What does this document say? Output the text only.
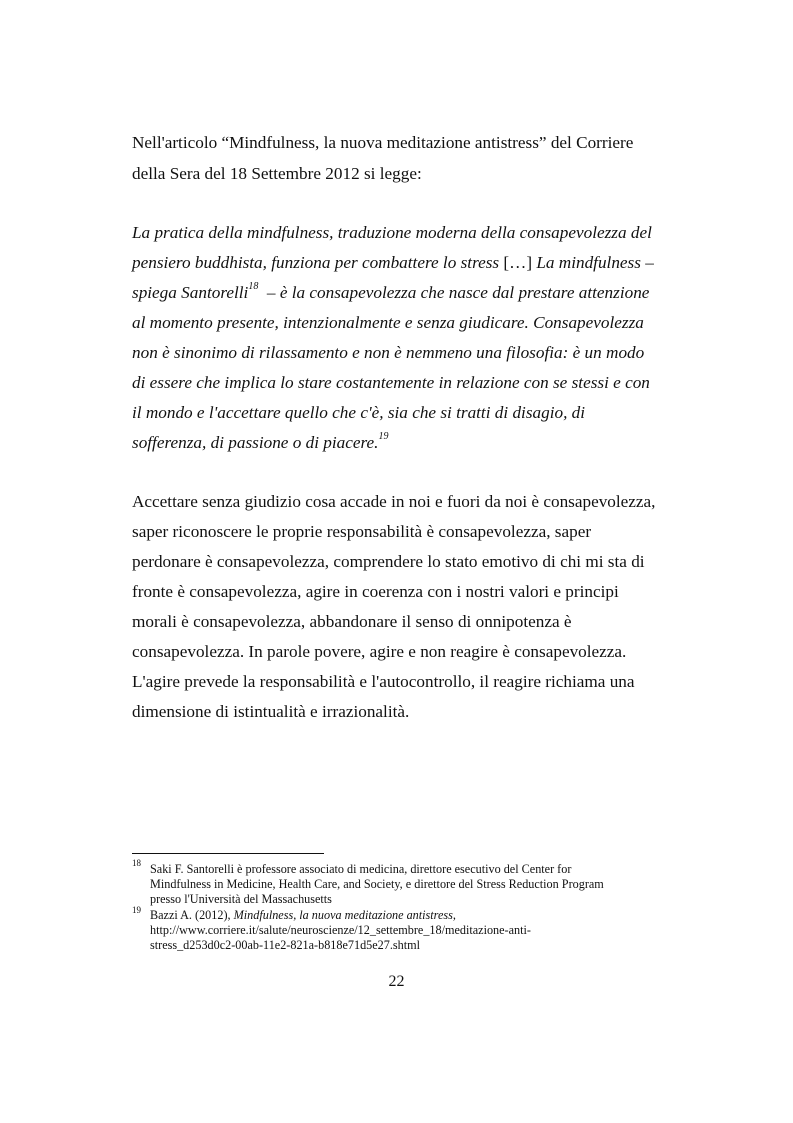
Nell'articolo “Mindfulness, la nuova meditazione antistress” del Corriere
della Sera del 18 Settembre 2012 si legge:
La pratica della mindfulness, traduzione moderna della consapevolezza del
pensiero buddhista, funziona per combattere lo stress […] La mindfulness –
spiega Santorelli$^{18}$  – è la consapevolezza che nasce dal prestare attenzione
al momento presente, intenzionalmente e senza giudicare. Consapevolezza
non è sinonimo di rilassamento e non è nemmeno una filosofia: è un modo
di essere che implica lo stare costantemente in relazione con se stessi e con
il mondo e l'accettare quello che c'è, sia che si tratti di disagio, di
sofferenza, di passione o di piacere.$^{19}$
Accettare senza giudizio cosa accade in noi e fuori da noi è consapevolezza,
saper riconoscere le proprie responsabilità è consapevolezza, saper
perdonare è consapevolezza, comprendere lo stato emotivo di chi mi sta di
fronte è consapevolezza, agire in coerenza con i nostri valori e principi
morali è consapevolezza, abbandonare il senso di onnipotenza è
consapevolezza. In parole povere, agire e non reagire è consapevolezza.
L'agire prevede la responsabilità e l'autocontrollo, il reagire richiama una
dimensione di istintualità e irrazionalità.
18 Saki F. Santorelli è professore associato di medicina, direttore esecutivo del Center for
Mindfulness in Medicine, Health Care, and Society, e direttore del Stress Reduction Program
presso l'Università del Massachusetts
19 Bazzi A. (2012), Mindfulness, la nuova meditazione antistress,
http://www.corriere.it/salute/neuroscienze/12_settembre_18/meditazione-anti-
stress_d253d0c2-00ab-11e2-821a-b818e71d5e27.shtml
22
